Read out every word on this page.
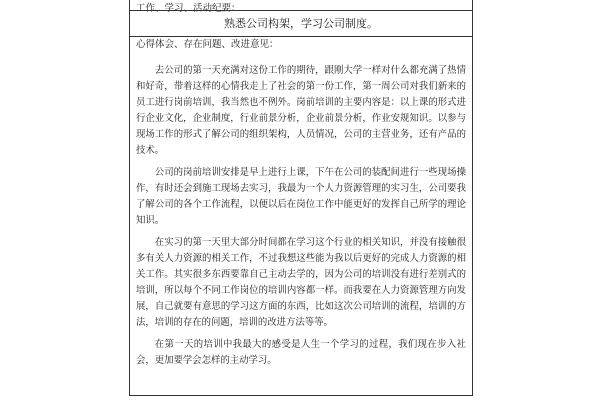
工作、学习、活动纪要：
熟悉公司构架，学习公司制度。
心得体会、存在问题、改进意见：

去公司的第一天充满对这份工作的期待，跟刚大学一样对什么都充满了热情和好奇，带着这样的心情我走上了社会的第一份工作，第一周公司对我们新来的员工进行岗前培训，我当然也不例外。岗前培训的主要内容是：以上课的形式进行企业文化，企业制度，行业前景分析，企业前景分析，作业安规知识。以参与现场工作的形式了解公司的组织架构，人员情况，公司的主营业务，还有产品的技术。

公司的岗前培训安排是早上进行上课，下午在公司的装配间进行一些现场操作，有时还会到施工现场去实习，我最为一个人力资源管理的实习生，公司要我了解公司的各个工作流程，以便以后在岗位工作中能更好的发挥自己所学的理论知识。

在实习的第一天里大部分时间都在学习这个行业的相关知识，并没有接触很多有关人力资源的相关工作，不过我想这些能为我以后更好的完成人力资源的相关工作。其实很多东西要靠自己主动去学的，因为公司的培训没有进行差别式的培训，所以每个不同工作岗位的培训内容都一样。而我要在人力资源管理方向发展，自己就要有意思的学习这方面的东西，比如这次公司培训的流程，培训的方法，培训的存在的问题，培训的改进方法等等。

在第一天的培训中我最大的感受是人生一个学习的过程，我们现在步入社会，更加要学会怎样的主动学习。
